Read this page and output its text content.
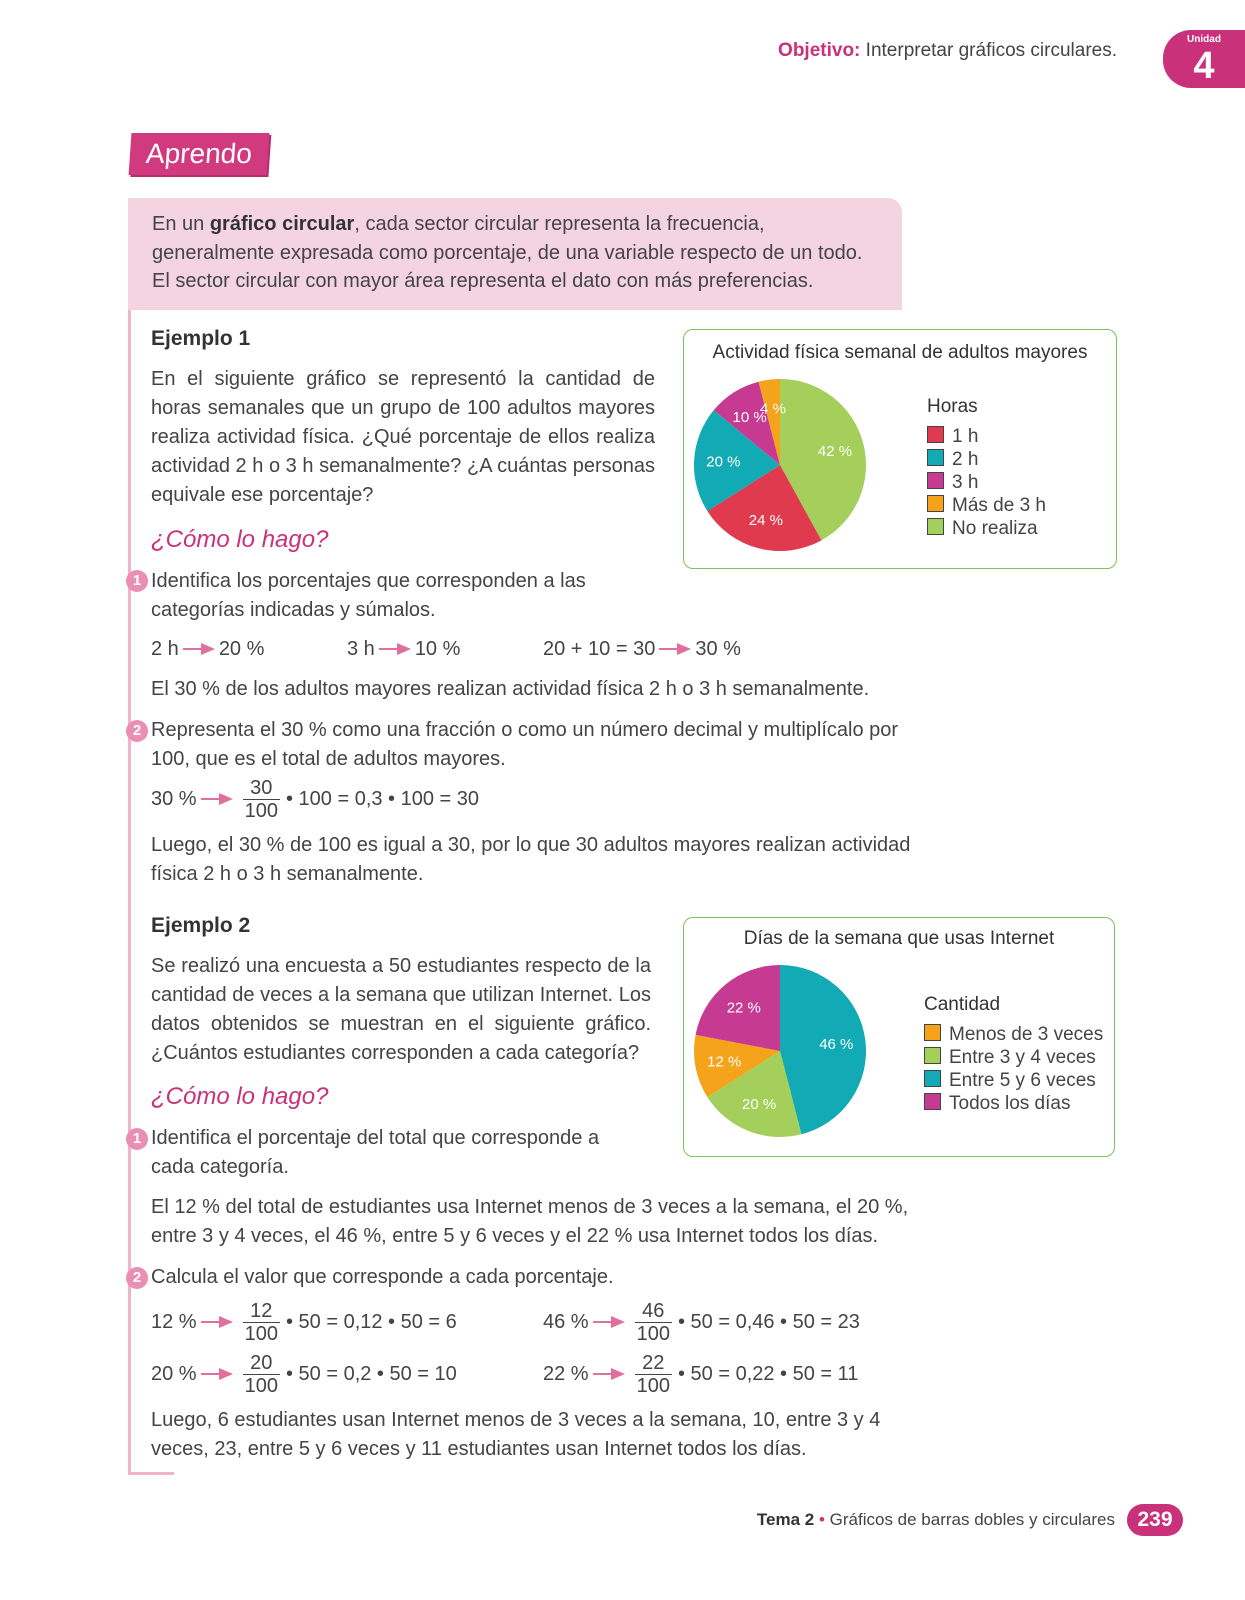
Objetivo: Interpretar gráficos circulares.
Unidad
4
Aprendo
En un gráfico circular, cada sector circular representa la frecuencia, generalmente expresada como porcentaje, de una variable respecto de un todo. El sector circular con mayor área representa el dato con más preferencias.
Ejemplo 1
En el siguiente gráfico se representó la cantidad de horas semanales que un grupo de 100 adultos mayores realiza actividad física. ¿Qué porcentaje de ellos realiza actividad 2 h o 3 h semanalmente? ¿A cuántas personas equivale ese porcentaje?
¿Cómo lo hago?
1 Identifica los porcentajes que corresponden a las categorías indicadas y súmalos.
2 h 20 %	3 h 10 %	20 + 10 = 30 30 %
El 30 % de los adultos mayores realizan actividad física 2 h o 3 h semanalmente.
2 Representa el 30 % como una fracción o como un número decimal y multiplícalo por 100, que es el total de adultos mayores.
30 % $\frac{30}{100}$ • 100 = 0,3 • 100 = 30
Luego, el 30 % de 100 es igual a 30, por lo que 30 adultos mayores realizan actividad física 2 h o 3 h semanalmente.
Actividad física semanal de adultos mayores
42 %
24 %
20 %
10 %
4 %	Horas
1 h
2 h
3 h
Más de 3 h
No realiza
Ejemplo 2
Se realizó una encuesta a 50 estudiantes respecto de la cantidad de veces a la semana que utilizan Internet. Los datos obtenidos se muestran en el siguiente gráfico. ¿Cuántos estudiantes corresponden a cada categoría?
¿Cómo lo hago?
1 Identifica el porcentaje del total que corresponde a cada categoría.
El 12 % del total de estudiantes usa Internet menos de 3 veces a la semana, el 20 %, entre 3 y 4 veces, el 46 %, entre 5 y 6 veces y el 22 % usa Internet todos los días.
2 Calcula el valor que corresponde a cada porcentaje.
12 % $\frac{12}{100}$ • 50 = 0,12 • 50 = 6	46 % $\frac{46}{100}$ • 50 = 0,46 • 50 = 23
20 % $\frac{20}{100}$ • 50 = 0,2 • 50 = 10	22 % $\frac{22}{100}$ • 50 = 0,22 • 50 = 11
Luego, 6 estudiantes usan Internet menos de 3 veces a la semana, 10, entre 3 y 4 veces, 23, entre 5 y 6 veces y 11 estudiantes usan Internet todos los días.
Días de la semana que usas Internet
46 %
20 %
12 %
22 %	Cantidad
Menos de 3 veces
Entre 3 y 4 veces
Entre 5 y 6 veces
Todos los días
Tema 2 • Gráficos de barras dobles y circulares	239
